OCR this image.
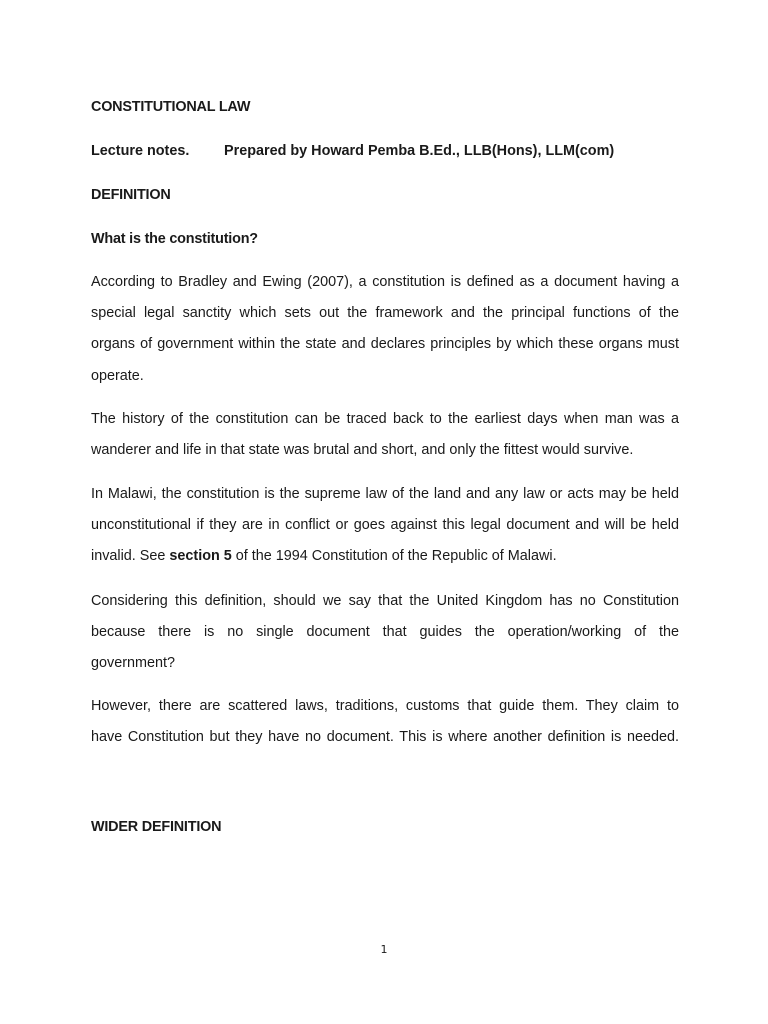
CONSTITUTIONAL LAW
Lecture notes. Prepared by Howard Pemba B.Ed., LLB(Hons), LLM(com)
DEFINITION
What is the constitution?
According to Bradley and Ewing (2007), a constitution is defined as a document having a
special legal sanctity which sets out the framework and the principal functions of the
organs of government within the state and declares principles by which these organs must
operate.
The history of the constitution can be traced back to the earliest days when man was a
wanderer and life in that state was brutal and short, and only the fittest would survive.
In Malawi, the constitution is the supreme law of the land and any law or acts may be held
unconstitutional if they are in conflict or goes against this legal document and will be held
invalid. See section 5 of the 1994 Constitution of the Republic of Malawi.
Considering this definition, should we say that the United Kingdom has no Constitution
because there is no single document that guides the operation/working of the
government?
However, there are scattered laws, traditions, customs that guide them. They claim to
have Constitution but they have no document. This is where another definition is needed.
WIDER DEFINITION
1
